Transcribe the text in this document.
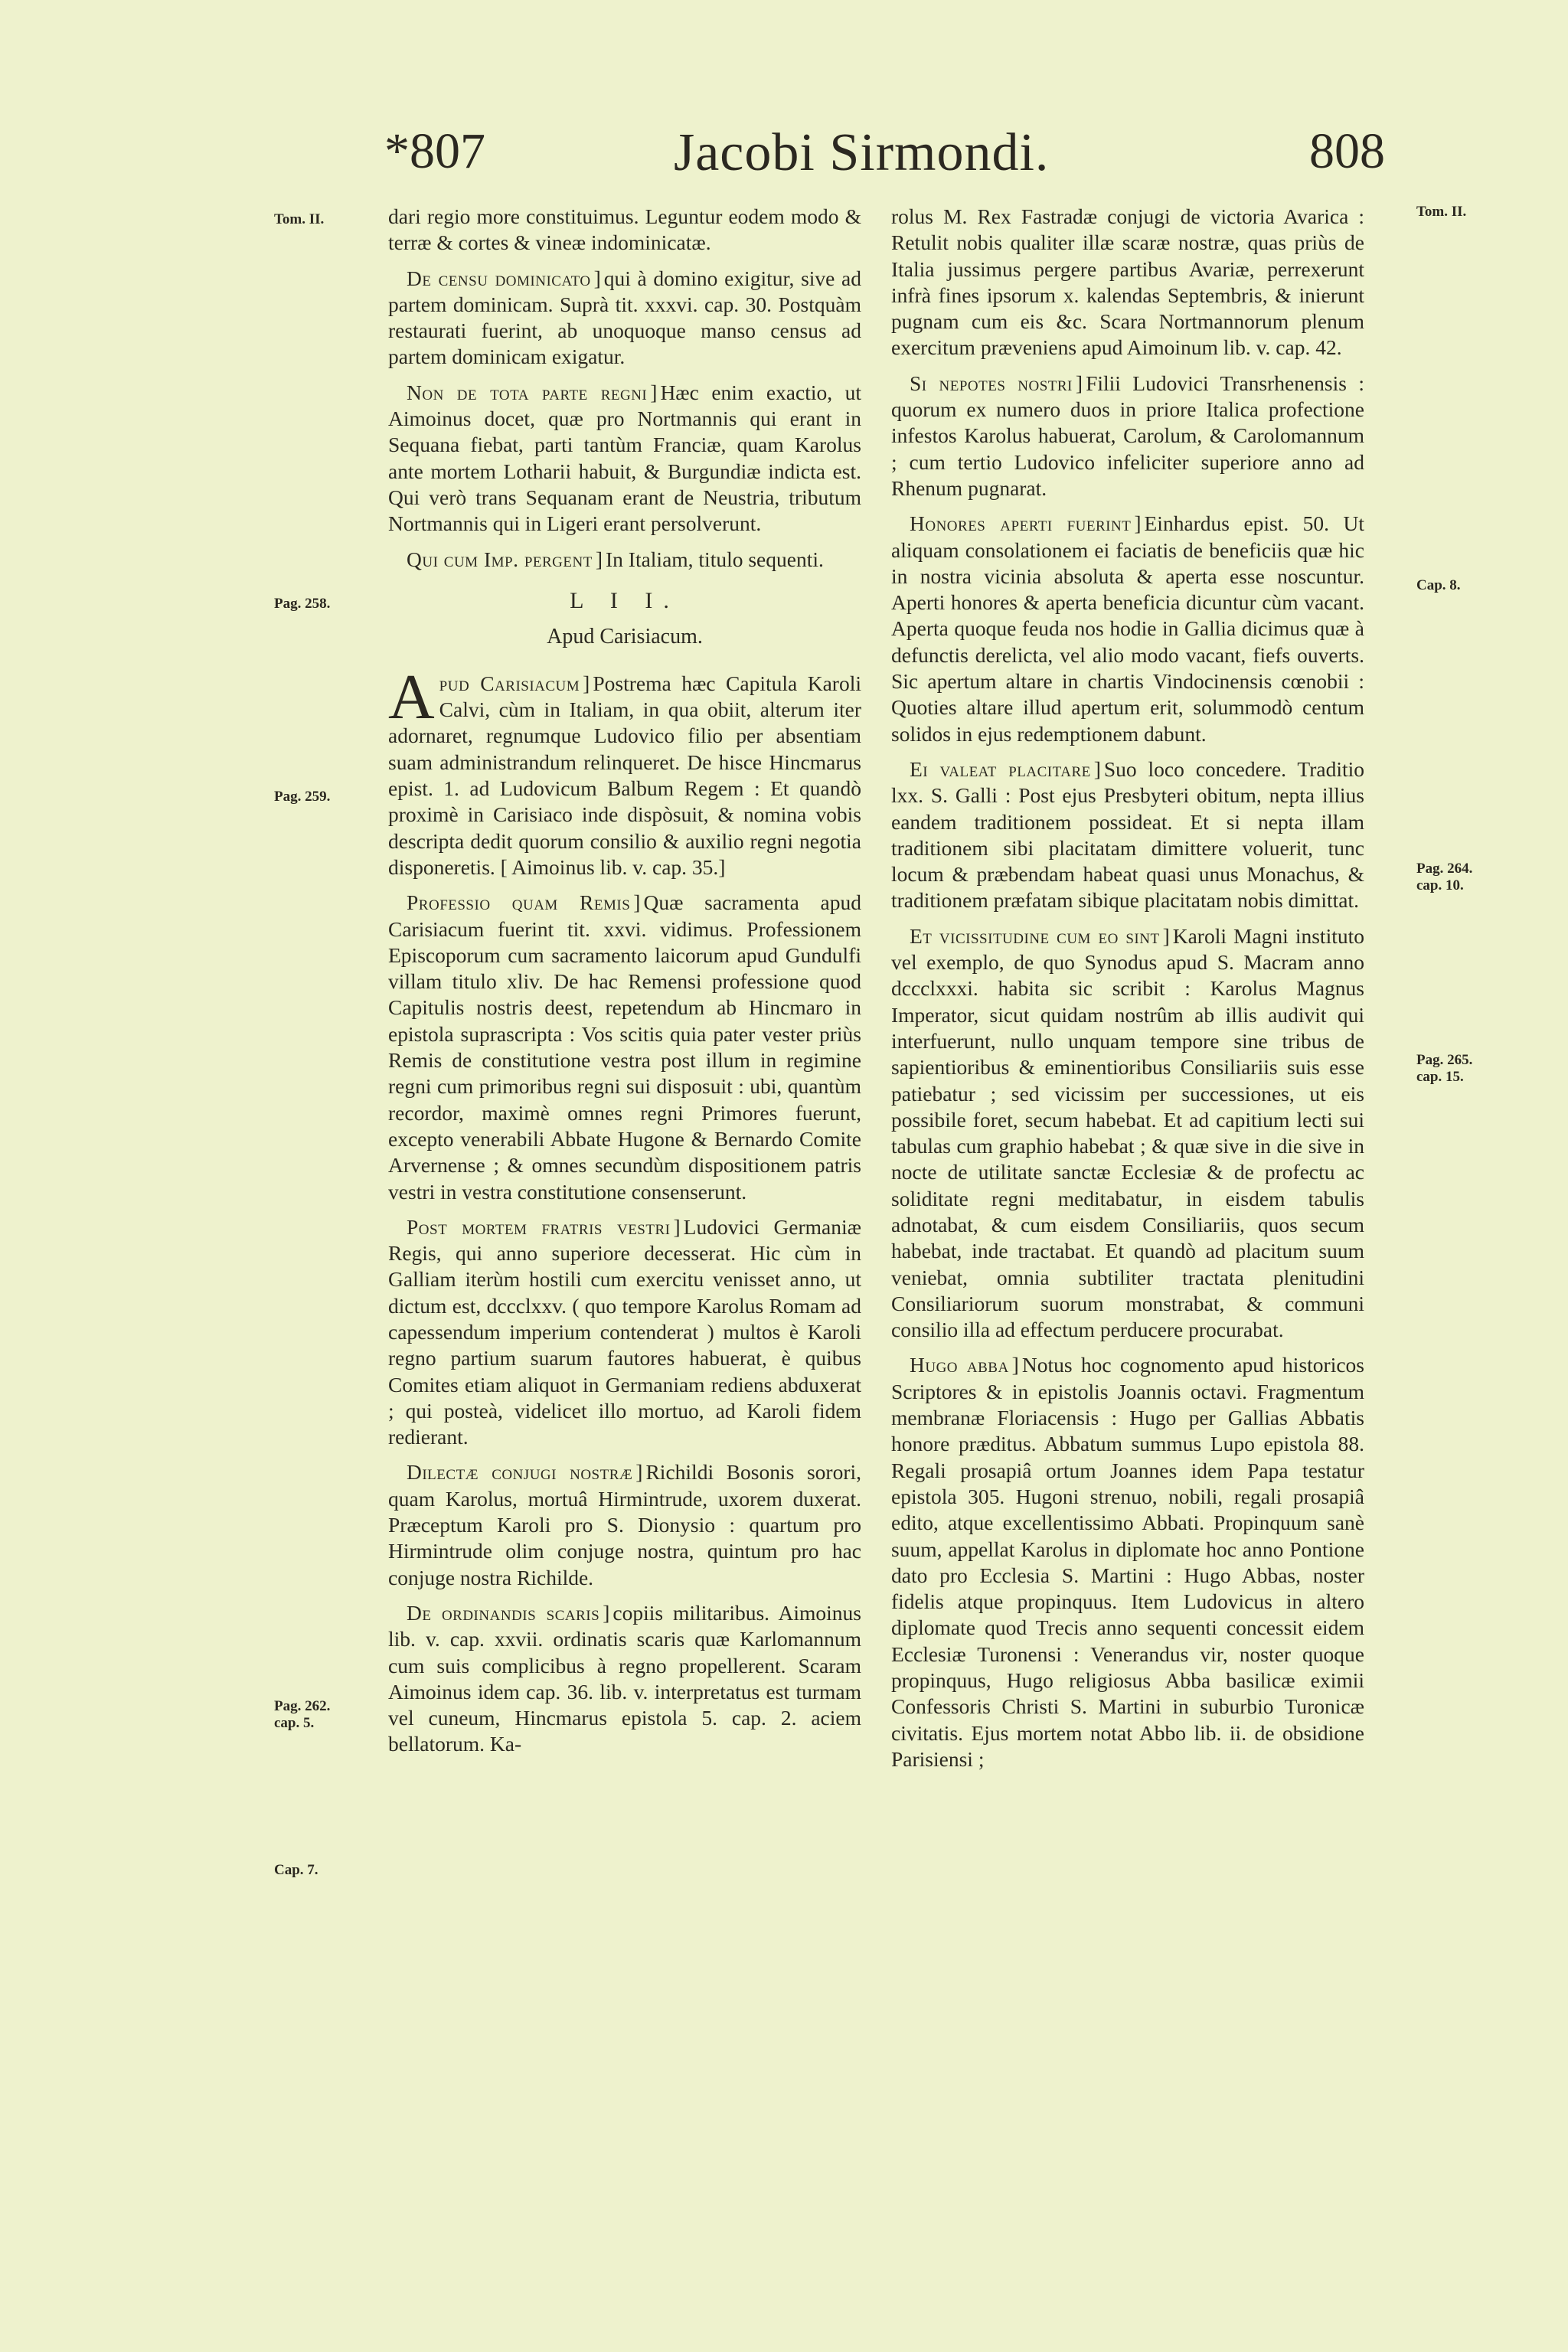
*807	Jacobi Sirmondi.	808
Tom. II.
Pag. 258.
Pag. 259.
Pag. 262.
cap. 5.
Cap. 7.
Tom. II.
Cap. 8.
Pag. 264.
cap. 10.
Pag. 265.
cap. 15.

dari regio more constituimus. Leguntur eodem modo & terræ & cortes & vineæ indominicatæ.

De censu dominicato ] qui à domino exigitur, sive ad partem dominicam. Suprà tit. xxxvi. cap. 30. Postquàm restaurati fuerint, ab unoquoque manso census ad partem dominicam exigatur.

Non de tota parte regni ] Hæc enim exactio, ut Aimoinus docet, quæ pro Nortmannis qui erant in Sequana fiebat, parti tantùm Franciæ, quam Karolus ante mortem Lotharii habuit, & Burgundiæ indicta est. Qui verò trans Sequanam erant de Neustria, tributum Nortmannis qui in Ligeri erant persolverunt.

Qui cum Imp. pergent ] In Italiam, titulo sequenti.

L I I.
Apud Carisiacum.

Apud Carisiacum ] Postrema hæc Capitula Karoli Calvi, cùm in Italiam, in qua obiit, alterum iter adornaret, regnumque Ludovico filio per absentiam suam administrandum relinqueret. De hisce Hincmarus epist. 1. ad Ludovicum Balbum Regem : Et quandò proximè in Carisiaco inde dispòsuit, & nomina vobis descripta dedit quorum consilio & auxilio regni negotia disponeretis. [ Aimoinus lib. v. cap. 35.]

Professio quam Remis ] Quæ sacramenta apud Carisiacum fuerint tit. xxvi. vidimus. Professionem Episcoporum cum sacramento laicorum apud Gundulfi villam titulo xliv. De hac Remensi professione quod Capitulis nostris deest, repetendum ab Hincmaro in epistola suprascripta : Vos scitis quia pater vester priùs Remis de constitutione vestra post illum in regimine regni cum primoribus regni sui disposuit : ubi, quantùm recordor, maximè omnes regni Primores fuerunt, excepto venerabili Abbate Hugone & Bernardo Comite Arvernense ; & omnes secundùm dispositionem patris vestri in vestra constitutione consenserunt.

Post mortem fratris vestri ] Ludovici Germaniæ Regis, qui anno superiore decesserat. Hic cùm in Galliam iterùm hostili cum exercitu venisset anno, ut dictum est, dccclxxv. ( quo tempore Karolus Romam ad capessendum imperium contenderat ) multos è Karoli regno partium suarum fautores habuerat, è quibus Comites etiam aliquot in Germaniam rediens abduxerat ; qui posteà, videlicet illo mortuo, ad Karoli fidem redierant.

Dilectæ conjugi nostræ ] Richildi Bosonis sorori, quam Karolus, mortuâ Hirmintrude, uxorem duxerat. Præceptum Karoli pro S. Dionysio : quartum pro Hirmintrude olim conjuge nostra, quintum pro hac conjuge nostra Richilde.

De ordinandis scaris ] copiis militaribus. Aimoinus lib. v. cap. xxvii. ordinatis scaris quæ Karlomannum cum suis complicibus à regno propellerent. Scaram Aimoinus idem cap. 36. lib. v. interpretatus est turmam vel cuneum, Hincmarus epistola 5. cap. 2. aciem bellatorum. Ka-

rolus M. Rex Fastradæ conjugi de victoria Avarica : Retulit nobis qualiter illæ scaræ nostræ, quas priùs de Italia jussimus pergere partibus Avariæ, perrexerunt infrà fines ipsorum x. kalendas Septembris, & inierunt pugnam cum eis &c. Scara Nortmannorum plenum exercitum præveniens apud Aimoinum lib. v. cap. 42.

Si nepotes nostri ] Filii Ludovici Transrhenensis : quorum ex numero duos in priore Italica profectione infestos Karolus habuerat, Carolum, & Carolomannum ; cum tertio Ludovico infeliciter superiore anno ad Rhenum pugnarat.

Honores aperti fuerint ] Einhardus epist. 50. Ut aliquam consolationem ei faciatis de beneficiis quæ hic in nostra vicinia absoluta & aperta esse noscuntur. Aperti honores & aperta beneficia dicuntur cùm vacant. Aperta quoque feuda nos hodie in Gallia dicimus quæ à defunctis derelicta, vel alio modo vacant, fiefs ouverts. Sic apertum altare in chartis Vindocinensis cœnobii : Quoties altare illud apertum erit, solummodò centum solidos in ejus redemptionem dabunt.

Ei valeat placitare ] Suo loco concedere. Traditio lxx. S. Galli : Post ejus Presbyteri obitum, nepta illius eandem traditionem possideat. Et si nepta illam traditionem sibi placitatam dimittere voluerit, tunc locum & præbendam habeat quasi unus Monachus, & traditionem præfatam sibique placitatam nobis dimittat.

Et vicissitudine cum eo sint ] Karoli Magni instituto vel exemplo, de quo Synodus apud S. Macram anno dccclxxxi. habita sic scribit : Karolus Magnus Imperator, sicut quidam nostrûm ab illis audivit qui interfuerunt, nullo unquam tempore sine tribus de sapientioribus & eminentioribus Consiliariis suis esse patiebatur ; sed vicissim per successiones, ut eis possibile foret, secum habebat. Et ad capitium lecti sui tabulas cum graphio habebat ; & quæ sive in die sive in nocte de utilitate sanctæ Ecclesiæ & de profectu ac soliditate regni meditabatur, in eisdem tabulis adnotabat, & cum eisdem Consiliariis, quos secum habebat, inde tractabat. Et quandò ad placitum suum veniebat, omnia subtiliter tractata plenitudini Consiliariorum suorum monstrabat, & communi consilio illa ad effectum perducere procurabat.

Hugo abba ] Notus hoc cognomento apud historicos Scriptores & in epistolis Joannis octavi. Fragmentum membranæ Floriacensis : Hugo per Gallias Abbatis honore præditus. Abbatum summus Lupo epistola 88. Regali prosapiâ ortum Joannes idem Papa testatur epistola 305. Hugoni strenuo, nobili, regali prosapiâ edito, atque excellentissimo Abbati. Propinquum sanè suum, appellat Karolus in diplomate hoc anno Pontione dato pro Ecclesia S. Martini : Hugo Abbas, noster fidelis atque propinquus. Item Ludovicus in altero diplomate quod Trecis anno sequenti concessit eidem Ecclesiæ Turonensi : Venerandus vir, noster quoque propinquus, Hugo religiosus Abba basilicæ eximii Confessoris Christi S. Martini in suburbio Turonicæ civitatis. Ejus mortem notat Abbo lib. ii. de obsidione Parisiensi ;
